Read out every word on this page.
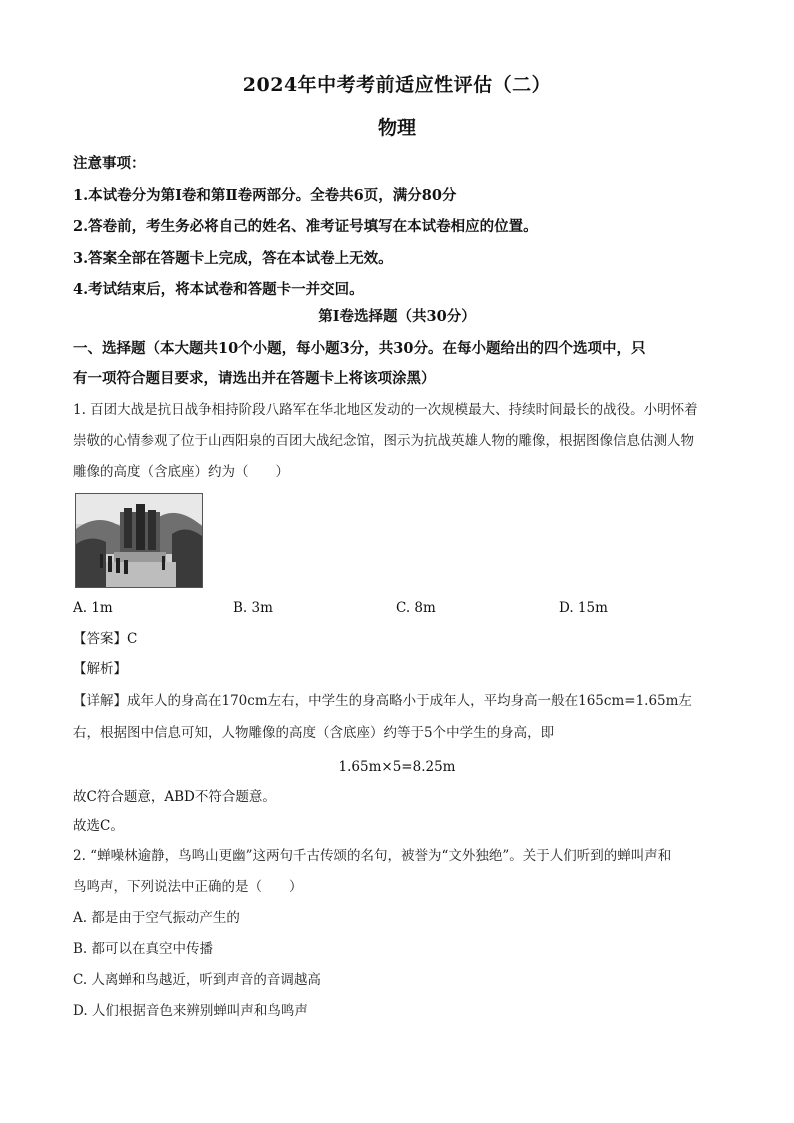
2024年中考考前适应性评估（二）
物理
注意事项：
1.本试卷分为第Ⅰ卷和第Ⅱ卷两部分。全卷共6页，满分80分
2.答卷前，考生务必将自己的姓名、准考证号填写在本试卷相应的位置。
3.答案全部在答题卡上完成，答在本试卷上无效。
4.考试结束后，将本试卷和答题卡一并交回。
第Ⅰ卷选择题（共30分）
一、选择题（本大题共10个小题，每小题3分，共30分。在每小题给出的四个选项中，只
有一项符合题目要求，请选出并在答题卡上将该项涂黑）
1. 百团大战是抗日战争相持阶段八路军在华北地区发动的一次规模最大、持续时间最长的战役。小明怀着
崇敬的心情参观了位于山西阳泉的百团大战纪念馆，图示为抗战英雄人物的雕像，根据图像信息估测人物
雕像的高度（含底座）约为（　　）
A. 1m	B. 3m	C. 8m	D. 15m
【答案】C
【解析】
【详解】成年人的身高在170cm左右，中学生的身高略小于成年人，平均身高一般在165cm=1.65m左
右，根据图中信息可知，人物雕像的高度（含底座）约等于5个中学生的身高，即
1.65m×5=8.25m
故C符合题意，ABD不符合题意。
故选C。
2. “蝉噪林逾静，鸟鸣山更幽”这两句千古传颂的名句，被誉为“文外独绝”。关于人们听到的蝉叫声和
鸟鸣声，下列说法中正确的是（　　）
A. 都是由于空气振动产生的
B. 都可以在真空中传播
C. 人离蝉和鸟越近，听到声音的音调越高
D. 人们根据音色来辨别蝉叫声和鸟鸣声
